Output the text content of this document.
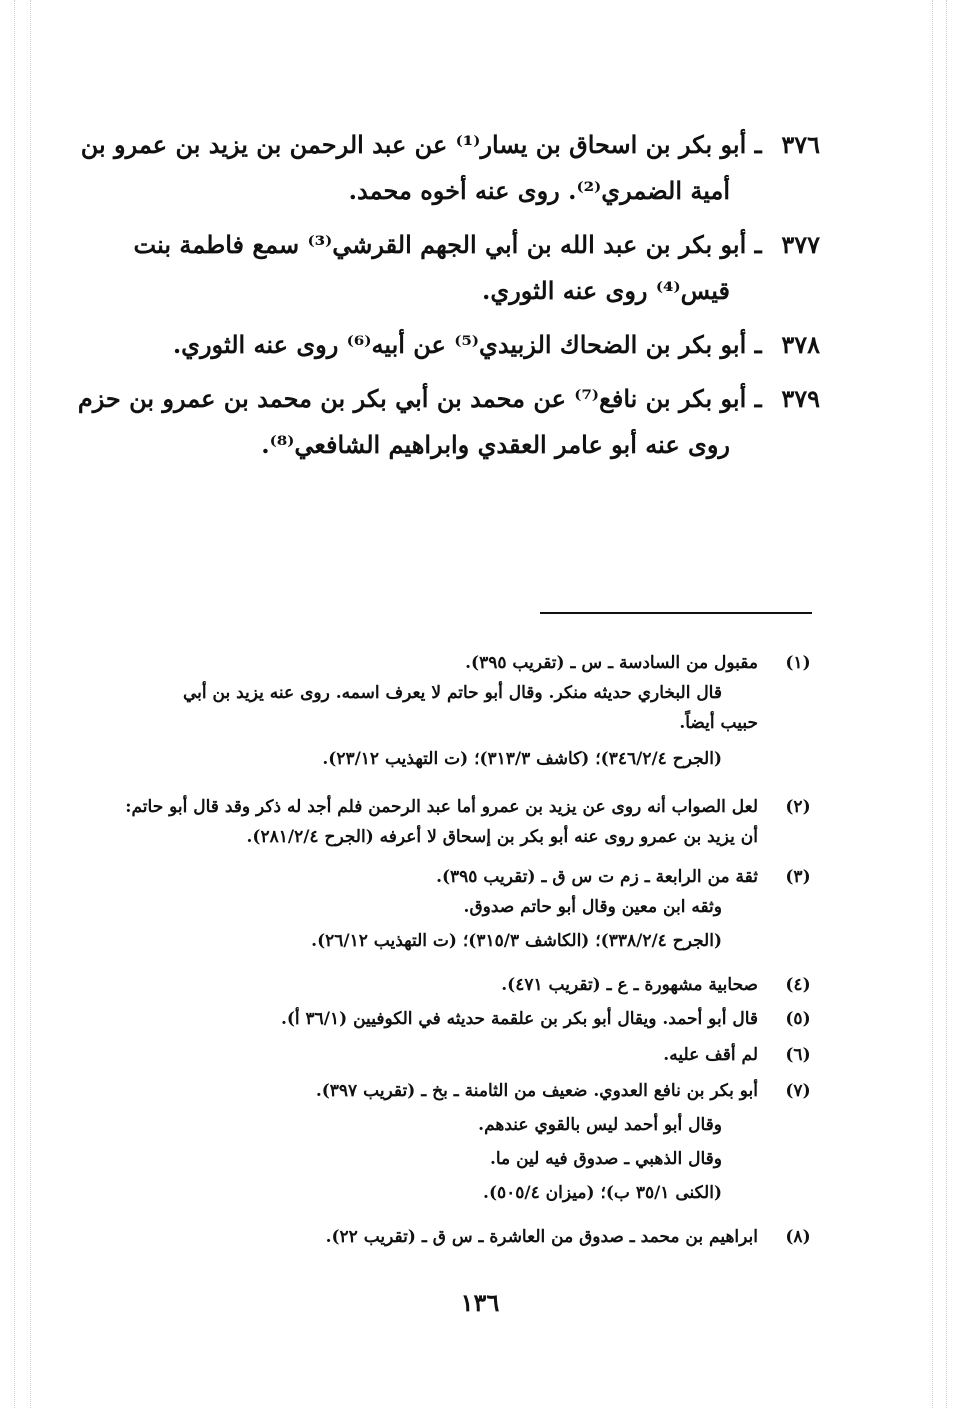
٣٧٦ ـ أبو بكر بن اسحاق بن يسار⁽¹⁾ عن عبد الرحمن بن يزيد بن عمرو بن
أمية الضمري⁽²⁾. روى عنه أخوه محمد.
٣٧٧ ـ أبو بكر بن عبد الله بن أبي الجهم القرشي⁽³⁾ سمع فاطمة بنت
قيس⁽⁴⁾ روى عنه الثوري.
٣٧٨ ـ أبو بكر بن الضحاك الزبيدي⁽⁵⁾ عن أبيه⁽⁶⁾ روى عنه الثوري.
٣٧٩ ـ أبو بكر بن نافع⁽⁷⁾ عن محمد بن أبي بكر بن محمد بن عمرو بن حزم
روى عنه أبو عامر العقدي وابراهيم الشافعي⁽⁸⁾.
(١)
مقبول من السادسة ـ س ـ (تقريب ٣٩٥).
قال البخاري حديثه منكر. وقال أبو حاتم لا يعرف اسمه. روى عنه يزيد بن أبي
حبيب أيضاً.
(الجرح ٣٤٦/٢/٤)؛ (كاشف ٣١٣/٣)؛ (ت التهذيب ٢٣/١٢).
(٢)
لعل الصواب أنه روى عن يزيد بن عمرو أما عبد الرحمن فلم أجد له ذكر وقد قال أبو حاتم:
أن يزيد بن عمرو روى عنه أبو بكر بن إسحاق لا أعرفه (الجرح ٢٨١/٢/٤).
(٣)
ثقة من الرابعة ـ زم ت س ق ـ (تقريب ٣٩٥).
وثقه ابن معين وقال أبو حاتم صدوق.
(الجرح ٣٣٨/٢/٤)؛ (الكاشف ٣١٥/٣)؛ (ت التهذيب ٢٦/١٢).
(٤)
صحابية مشهورة ـ ع ـ (تقريب ٤٧١).
(٥)
قال أبو أحمد. ويقال أبو بكر بن علقمة حديثه في الكوفيين (٣٦/١ أ).
(٦)
لم أقف عليه.
(٧)
أبو بكر بن نافع العدوي. ضعيف من الثامنة ـ بخ ـ (تقريب ٣٩٧).
وقال أبو أحمد ليس بالقوي عندهم.
وقال الذهبي ـ صدوق فيه لين ما.
(الكنى ٣٥/١ ب)؛ (ميزان ٥٠٥/٤).
(٨)
ابراهيم بن محمد ـ صدوق من العاشرة ـ س ق ـ (تقريب ٢٢).
١٣٦
